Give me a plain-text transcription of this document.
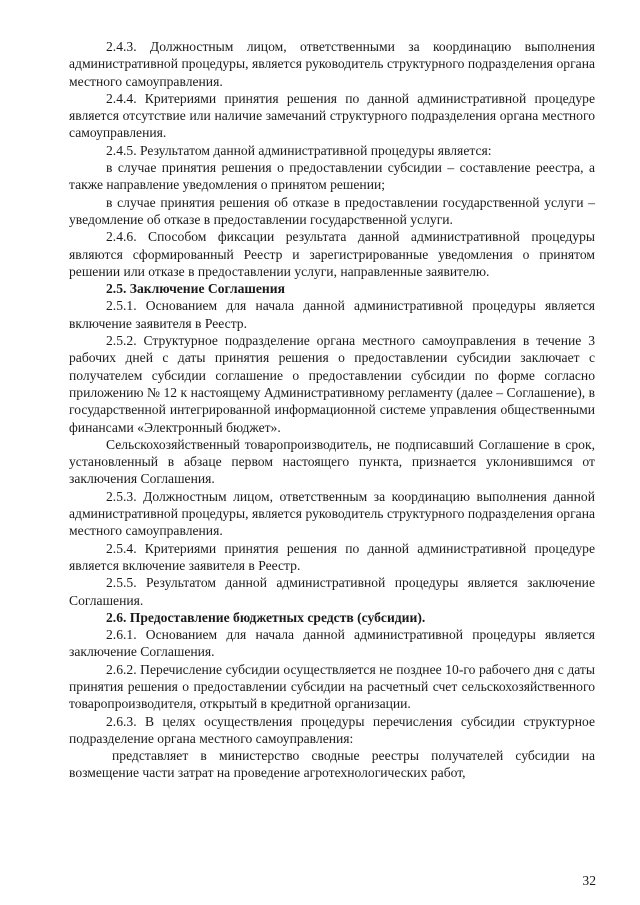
2.4.3. Должностным лицом, ответственными за координацию выполнения административной процедуры, является руководитель структурного подразделения органа местного самоуправления.

2.4.4. Критериями принятия решения по данной административной процедуре является отсутствие или наличие замечаний структурного подразделения органа местного самоуправления.

2.4.5. Результатом данной административной процедуры является:

в случае принятия решения о предоставлении субсидии – составление реестра, а также направление уведомления о принятом решении;

в случае принятия решения об отказе в предоставлении государственной услуги – уведомление об отказе в предоставлении государственной услуги.

2.4.6. Способом фиксации результата данной административной процедуры являются сформированный Реестр и зарегистрированные уведомления о принятом решении или отказе в предоставлении услуги, направленные заявителю.

2.5. Заключение Соглашения

2.5.1. Основанием для начала данной административной процедуры является включение заявителя в Реестр.

2.5.2. Структурное подразделение органа местного самоуправления в течение 3 рабочих дней с даты принятия решения о предоставлении субсидии заключает с получателем субсидии соглашение о предоставлении субсидии по форме согласно приложению № 12 к настоящему Административному регламенту (далее – Соглашение), в государственной интегрированной информационной системе управления общественными финансами «Электронный бюджет».

Сельскохозяйственный товаропроизводитель, не подписавший Соглашение в срок, установленный в абзаце первом настоящего пункта, признается уклонившимся от заключения Соглашения.

2.5.3. Должностным лицом, ответственным за координацию выполнения данной административной процедуры, является руководитель структурного подразделения органа местного самоуправления.

2.5.4. Критериями принятия решения по данной административной процедуре является включение заявителя в Реестр.

2.5.5. Результатом данной административной процедуры является заключение Соглашения.

2.6. Предоставление бюджетных средств (субсидии).

2.6.1. Основанием для начала данной административной процедуры является заключение Соглашения.

2.6.2. Перечисление субсидии осуществляется не позднее 10-го рабочего дня с даты принятия решения о предоставлении субсидии на расчетный счет сельскохозяйственного товаропроизводителя, открытый в кредитной организации.

2.6.3. В целях осуществления процедуры перечисления субсидии структурное подразделение органа местного самоуправления:

представляет в министерство сводные реестры получателей субсидии на возмещение части затрат на проведение агротехнологических работ,

32
